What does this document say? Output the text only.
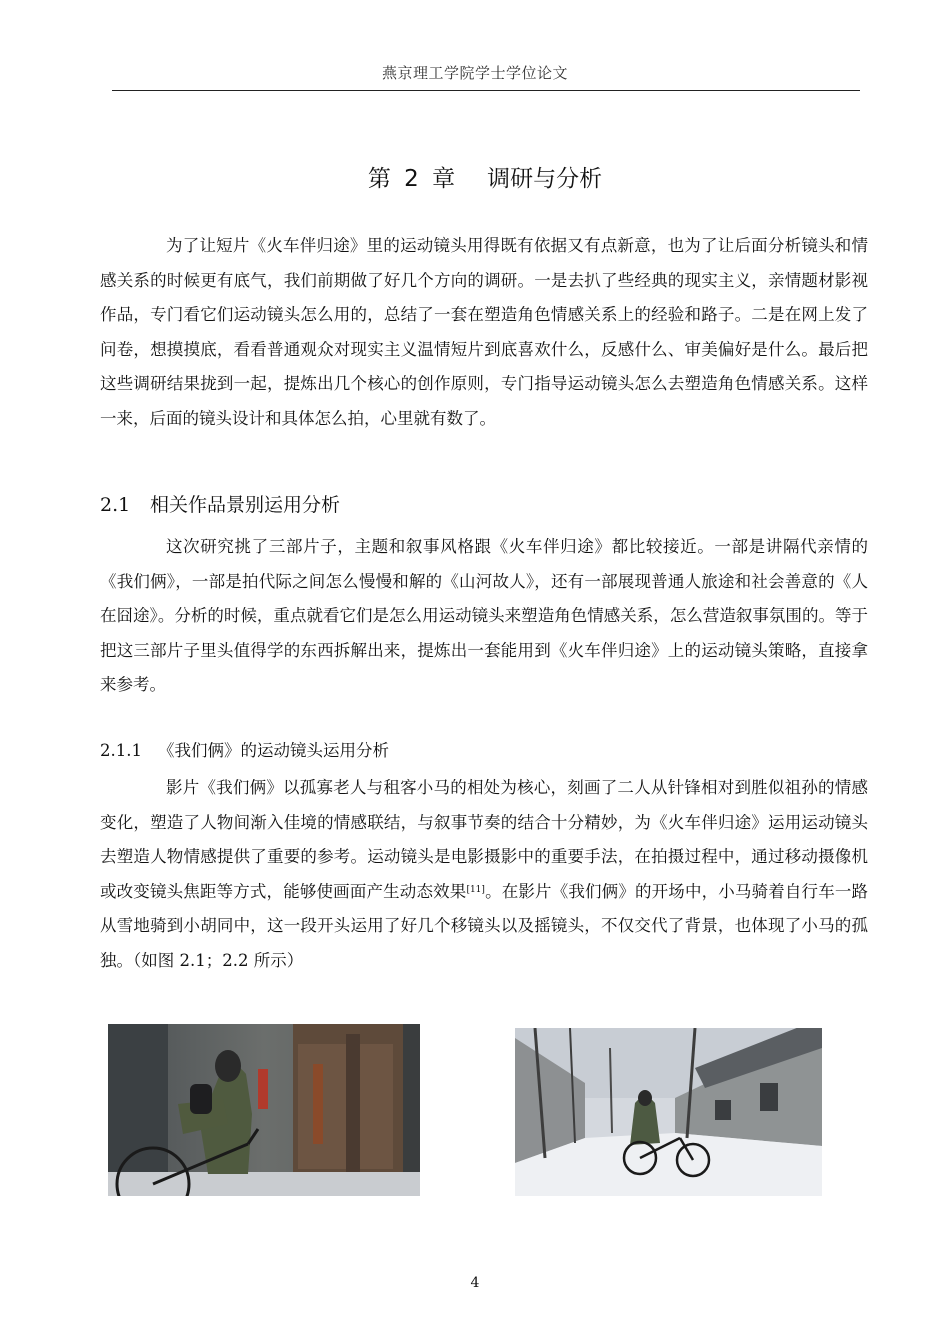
燕京理工学院学士学位论文
第 2 章 调研与分析

为了让短片《火车伴归途》里的运动镜头用得既有依据又有点新意，也为了让后面分析镜头和情感关系的时候更有底气，我们前期做了好几个方向的调研。一是去扒了些经典的现实主义，亲情题材影视作品，专门看它们运动镜头怎么用的，总结了一套在塑造角色情感关系上的经验和路子。二是在网上发了问卷，想摸摸底，看看普通观众对现实主义温情短片到底喜欢什么，反感什么、审美偏好是什么。最后把这些调研结果拢到一起，提炼出几个核心的创作原则，专门指导运动镜头怎么去塑造角色情感关系。这样一来，后面的镜头设计和具体怎么拍，心里就有数了。

2.1 相关作品景别运用分析

这次研究挑了三部片子，主题和叙事风格跟《火车伴归途》都比较接近。一部是讲隔代亲情的《我们俩》，一部是拍代际之间怎么慢慢和解的《山河故人》，还有一部展现普通人旅途和社会善意的《人在囧途》。分析的时候，重点就看它们是怎么用运动镜头来塑造角色情感关系，怎么营造叙事氛围的。等于把这三部片子里头值得学的东西拆解出来，提炼出一套能用到《火车伴归途》上的运动镜头策略，直接拿来参考。

2.1.1 《我们俩》的运动镜头运用分析

影片《我们俩》以孤寡老人与租客小马的相处为核心，刻画了二人从针锋相对到胜似祖孙的情感变化，塑造了人物间渐入佳境的情感联结，与叙事节奏的结合十分精妙，为《火车伴归途》运用运动镜头去塑造人物情感提供了重要的参考。运动镜头是电影摄影中的重要手法，在拍摄过程中，通过移动摄像机或改变镜头焦距等方式，能够使画面产生动态效果[11]。在影片《我们俩》的开场中，小马骑着自行车一路从雪地骑到小胡同中，这一段开头运用了好几个移镜头以及摇镜头，不仅交代了背景，也体现了小马的孤独。（如图 2.1；2.2 所示）

4
